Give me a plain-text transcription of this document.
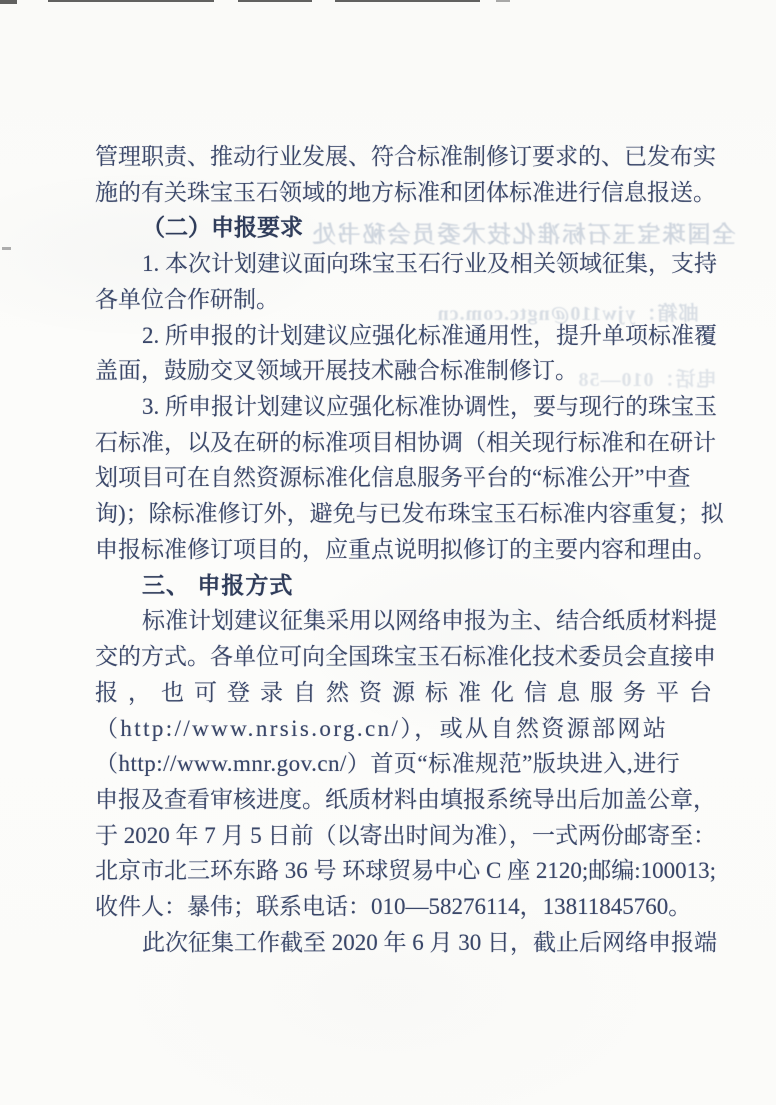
全国珠宝玉石标准化技术委员会秘书处
邮箱：yjw110@ngtc.com.cn
电话：010—58
管理职责、推动行业发展、符合标准制修订要求的、已发布实
施的有关珠宝玉石领域的地方标准和团体标准进行信息报送。
（二）申报要求
1. 本次计划建议面向珠宝玉石行业及相关领域征集，支持
各单位合作研制。
2. 所申报的计划建议应强化标准通用性，提升单项标准覆
盖面，鼓励交叉领域开展技术融合标准制修订。
3. 所申报计划建议应强化标准协调性，要与现行的珠宝玉
石标准，以及在研的标准项目相协调（相关现行标准和在研计
划项目可在自然资源标准化信息服务平台的“标准公开”中查
询)；除标准修订外，避免与已发布珠宝玉石标准内容重复；拟
申报标准修订项目的，应重点说明拟修订的主要内容和理由。
三、 申报方式
标准计划建议征集采用以网络申报为主、结合纸质材料提
交的方式。各单位可向全国珠宝玉石标准化技术委员会直接申
报，也可登录自然资源标准化信息服务平台
（http://www.nrsis.org.cn/），或从自然资源部网站
（http://www.mnr.gov.cn/）首页“标准规范”版块进入,进行
申报及查看审核进度。纸质材料由填报系统导出后加盖公章，
于 2020 年 7 月 5 日前（以寄出时间为准），一式两份邮寄至：
北京市北三环东路 36 号 环球贸易中心 C 座 2120;邮编:100013;
收件人：暴伟；联系电话：010—58276114，13811845760。
此次征集工作截至 2020 年 6 月 30 日，截止后网络申报端
